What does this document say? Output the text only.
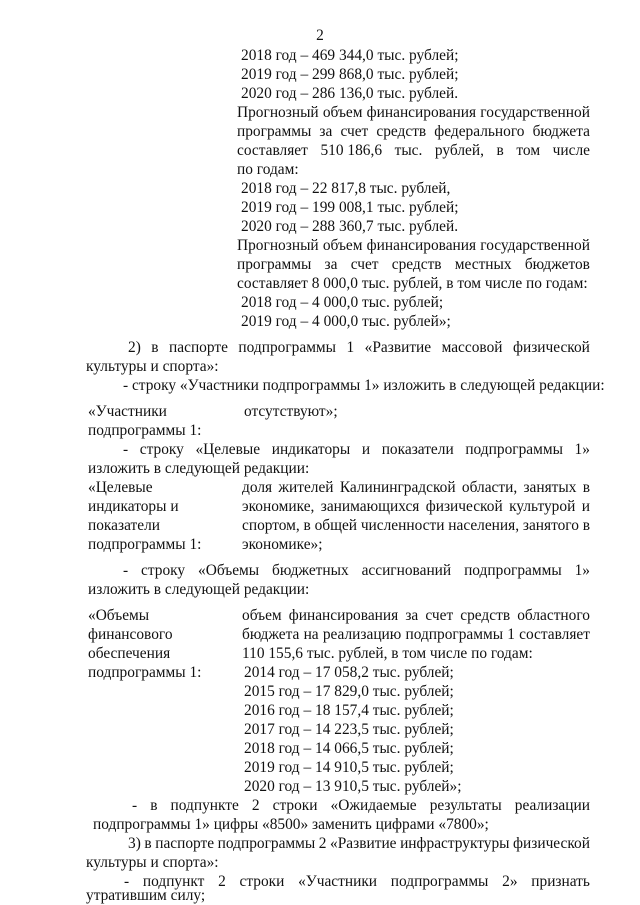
2
2018 год – 469 344,0 тыс. рублей;
2019 год – 299 868,0 тыс. рублей;
2020 год – 286 136,0 тыс. рублей.
Прогнозный объем финансирования государственной
программы за счет средств федерального бюджета
составляет 510 186,6 тыс. рублей, в том числе
по годам:
2018 год – 22 817,8 тыс. рублей,
2019 год – 199 008,1 тыс. рублей;
2020 год – 288 360,7 тыс. рублей.
Прогнозный объем финансирования государственной
программы за счет средств местных бюджетов
составляет 8 000,0 тыс. рублей, в том числе по годам:
2018 год – 4 000,0 тыс. рублей;
2019 год – 4 000,0 тыс. рублей»;
2) в паспорте подпрограммы 1 «Развитие массовой физической
культуры и спорта»:
- строку «Участники подпрограммы 1» изложить в следующей редакции:
«Участники	отсутствуют»;
подпрограммы 1:
- строку «Целевые индикаторы и показатели подпрограммы 1»
изложить в следующей редакции:
«Целевые
индикаторы и
показатели
подпрограммы 1:
доля жителей Калининградской области, занятых в
экономике, занимающихся физической культурой и
спортом, в общей численности населения, занятого в
экономике»;
- строку «Объемы бюджетных ассигнований подпрограммы 1»
изложить в следующей редакции:
«Объемы
финансового
обеспечения
подпрограммы 1:
объем финансирования за счет средств областного
бюджета на реализацию подпрограммы 1 составляет
110 155,6 тыс. рублей, в том числе по годам:
2014 год – 17 058,2 тыс. рублей;
2015 год – 17 829,0 тыс. рублей;
2016 год – 18 157,4 тыс. рублей;
2017 год – 14 223,5 тыс. рублей;
2018 год – 14 066,5 тыс. рублей;
2019 год – 14 910,5 тыс. рублей;
2020 год – 13 910,5 тыс. рублей»;
- в подпункте 2 строки «Ожидаемые результаты реализации
подпрограммы 1» цифры «8500» заменить цифрами «7800»;
3) в паспорте подпрограммы 2 «Развитие инфраструктуры физической
культуры и спорта»:
- подпункт 2 строки «Участники подпрограммы 2» признать
утратившим силу;
